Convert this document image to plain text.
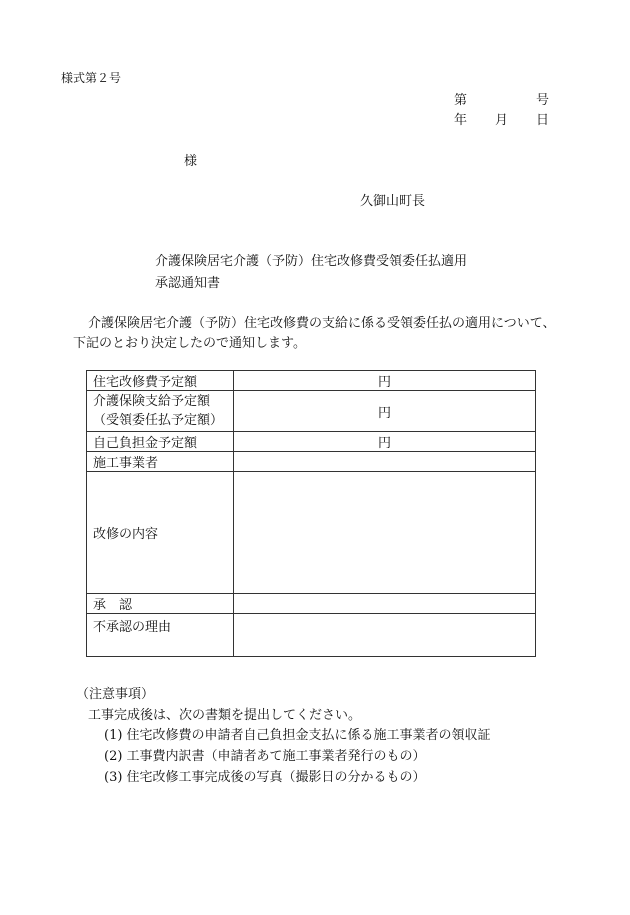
様式第２号
第	号
年 月 日
様
久御山町長
介護保険居宅介護（予防）住宅改修費受領委任払適用
承認通知書
介護保険居宅介護（予防）住宅改修費の支給に係る受領委任払の適用について、
下記のとおり決定したので通知します。
住宅改修費予定額	円

介護保険支給予定額
（受領委任払予定額）	円
自己負担金予定額	円
施工事業者	
改修の内容	
承　認	
不承認の理由	
（注意事項）
工事完成後は、次の書類を提出してください。
(1) 住宅改修費の申請者自己負担金支払に係る施工事業者の領収証
(2) 工事費内訳書（申請者あて施工事業者発行のもの）
(3) 住宅改修工事完成後の写真（撮影日の分かるもの）
